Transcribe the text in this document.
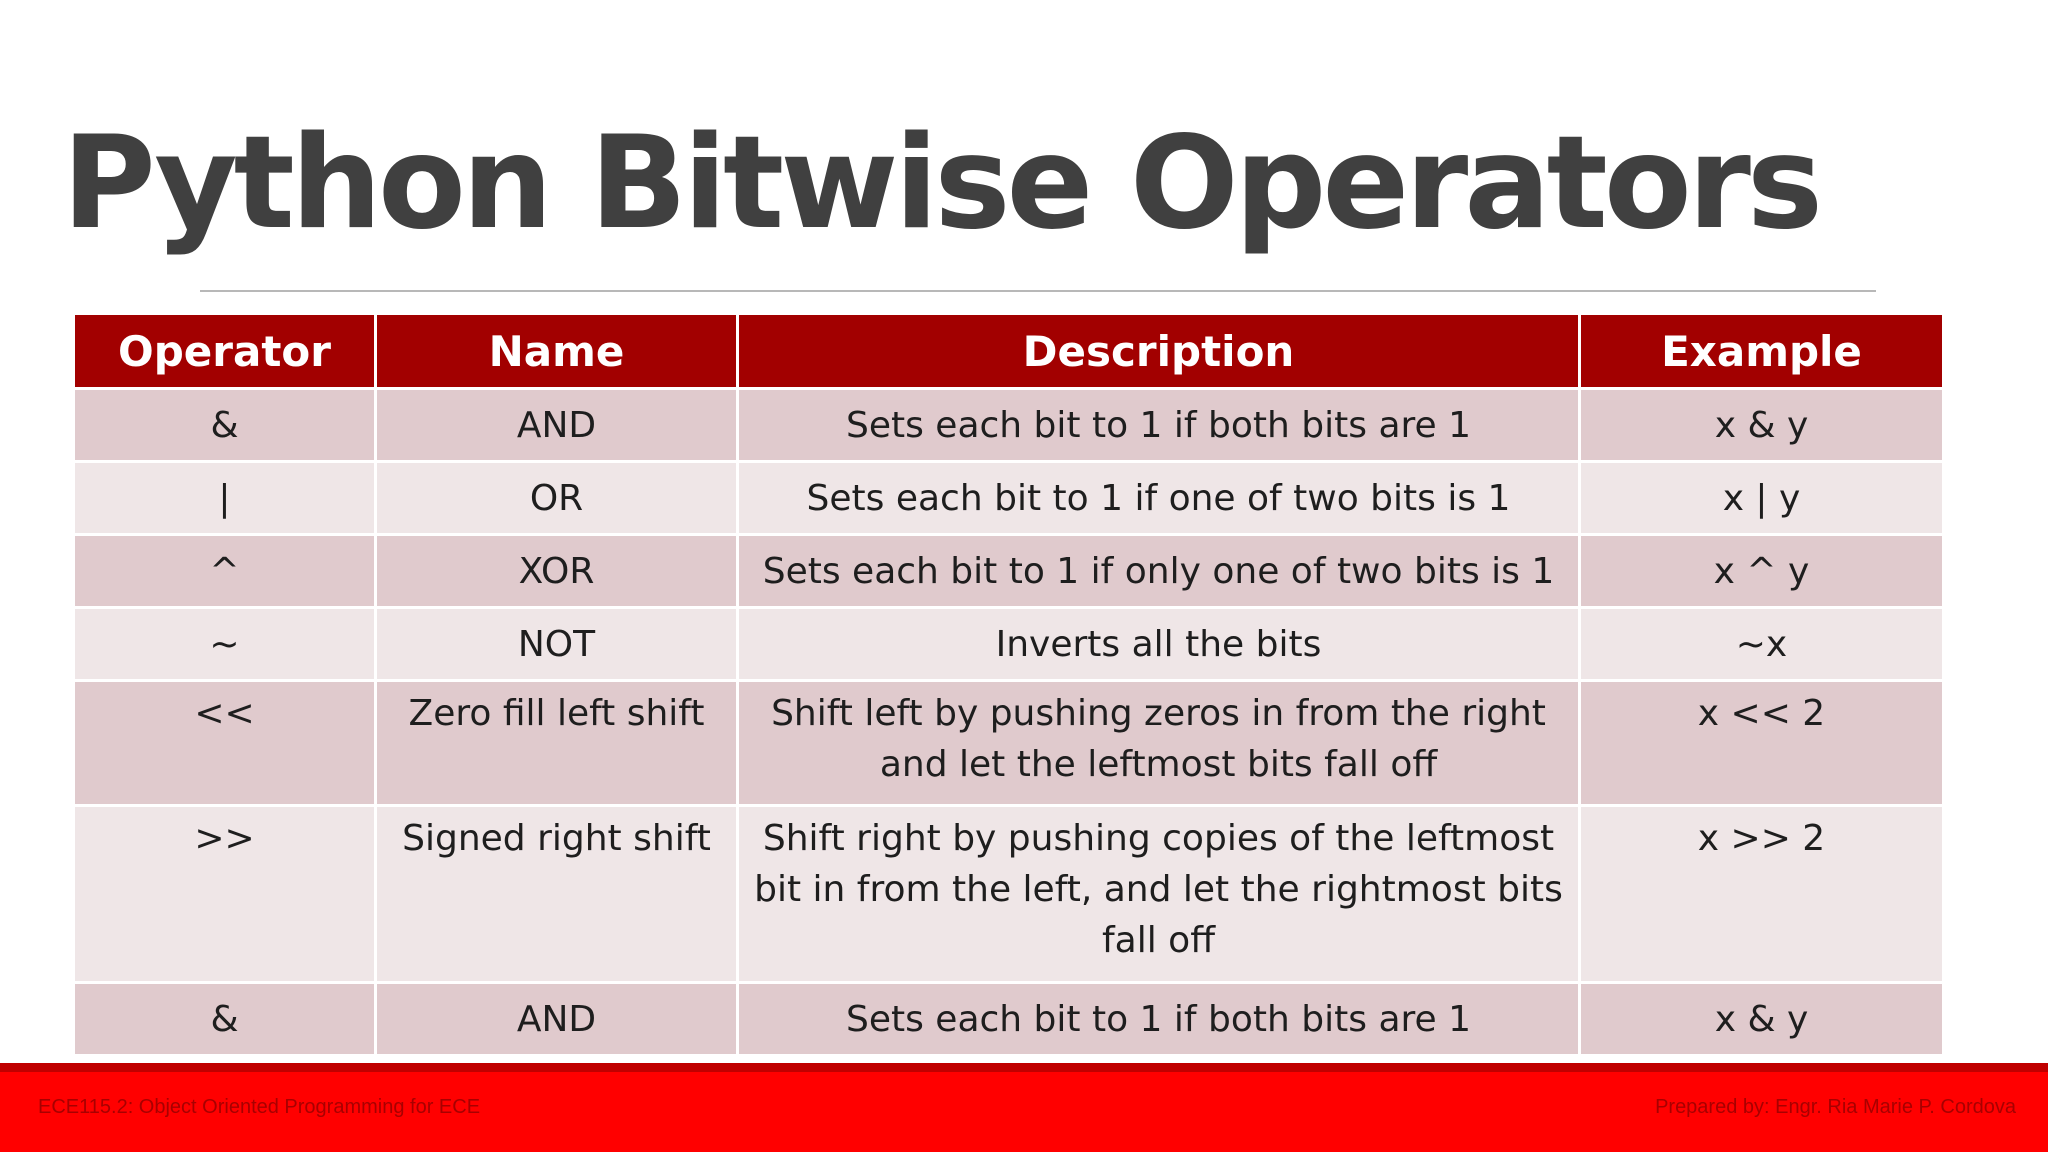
Python Bitwise Operators
Operator	Name	Description	Example
&	AND	Sets each bit to 1 if both bits are 1	x & y
|	OR	Sets each bit to 1 if one of two bits is 1	x | y
^	XOR	Sets each bit to 1 if only one of two bits is 1	x ^ y
~	NOT	Inverts all the bits	~x
<<	Zero fill left shift	Shift left by pushing zeros in from the right and let the leftmost bits fall off	x << 2
>>	Signed right shift	Shift right by pushing copies of the leftmost bit in from the left, and let the rightmost bits fall off	x >> 2
&	AND	Sets each bit to 1 if both bits are 1	x & y
ECE115.2: Object Oriented Programming for ECE	Prepared by: Engr. Ria Marie P. Cordova
